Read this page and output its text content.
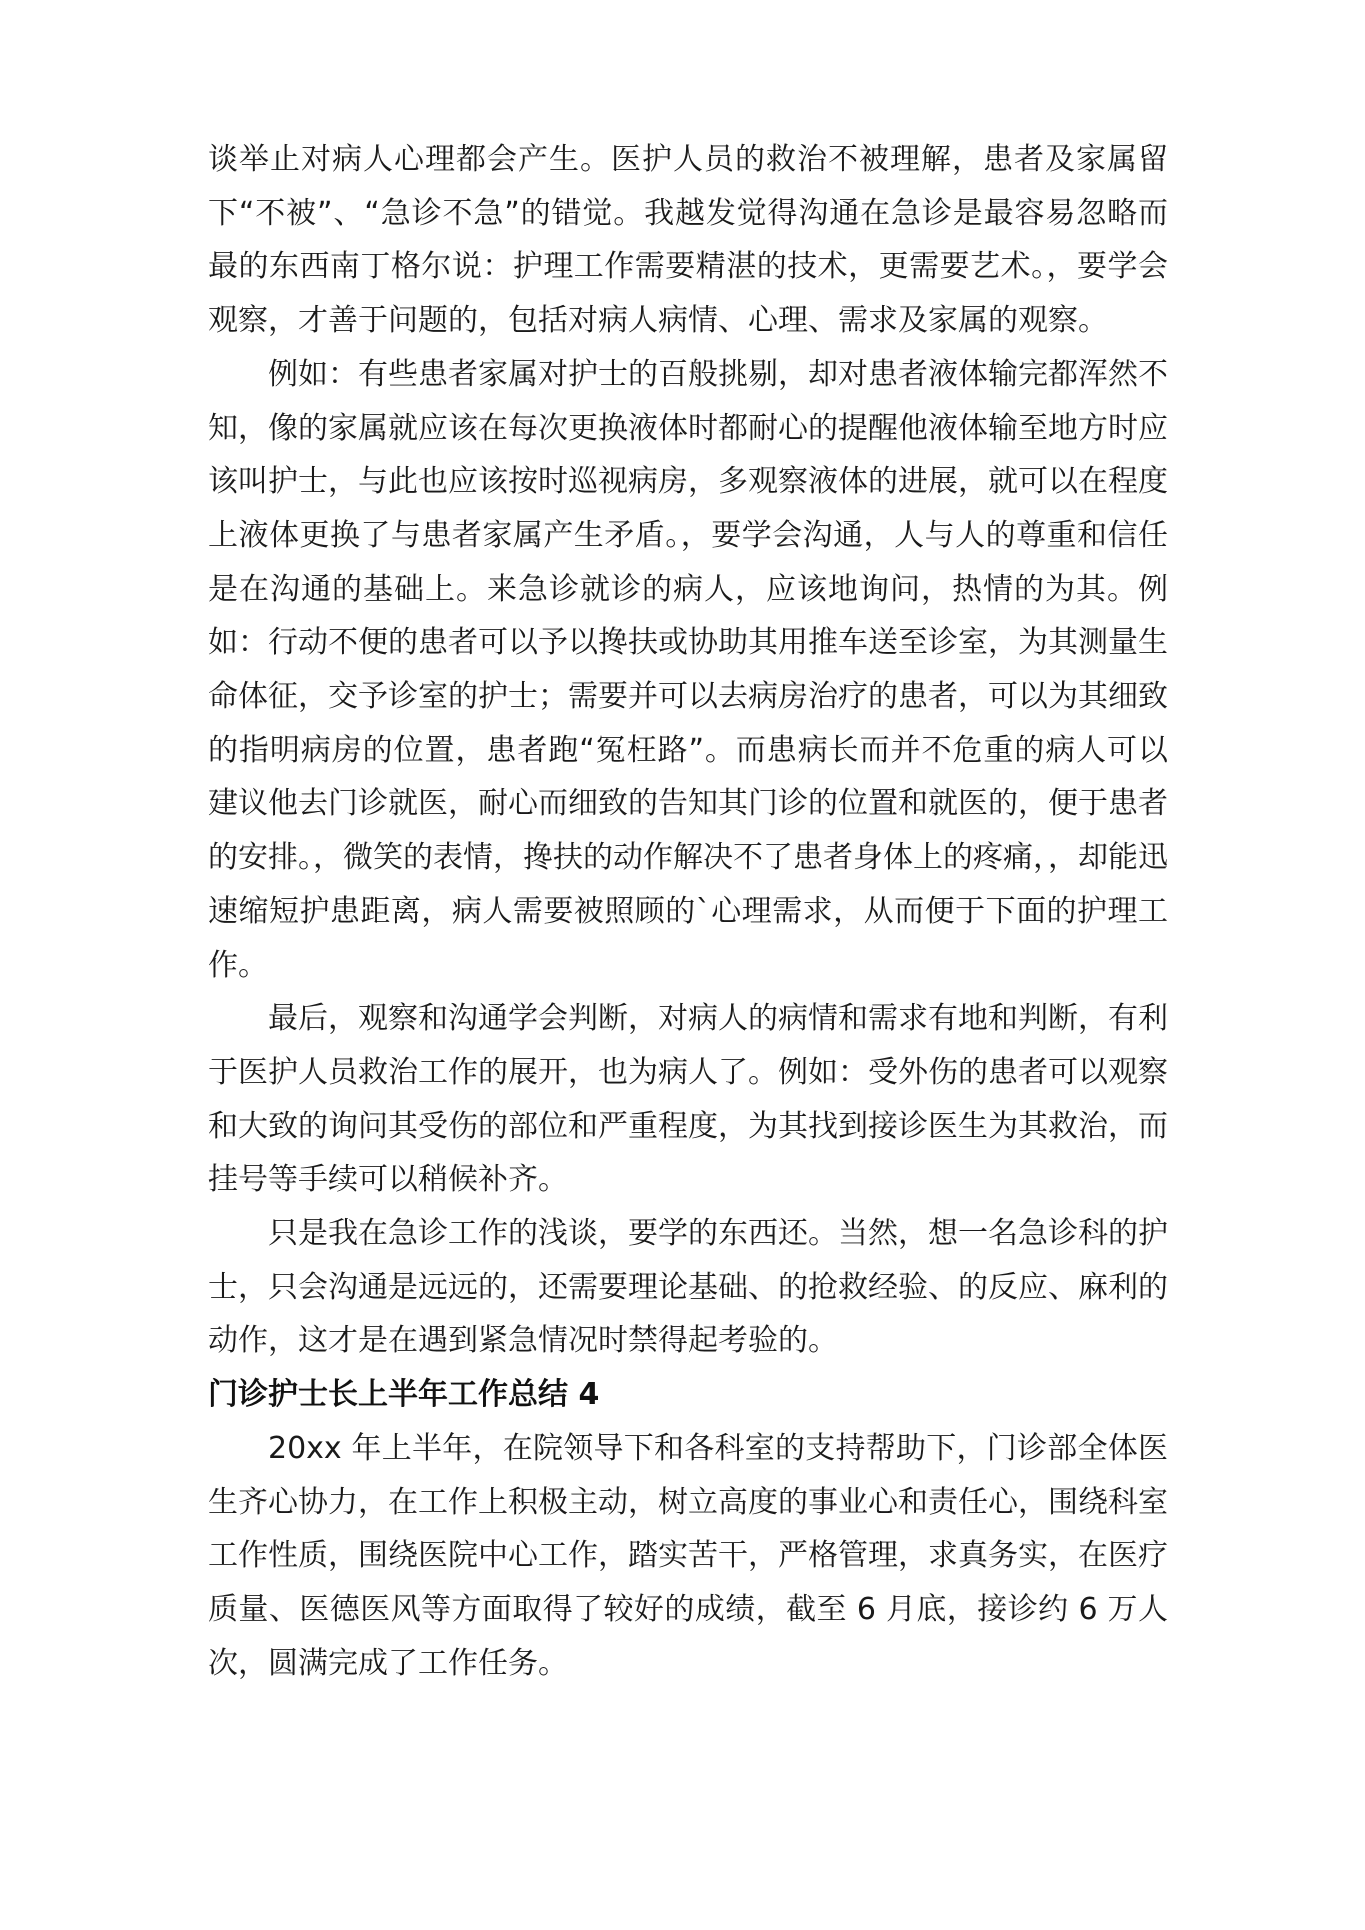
谈举止对病人心理都会产生。医护人员的救治不被理解，患者及家属留下“不被”、“急诊不急”的错觉。我越发觉得沟通在急诊是最容易忽略而最的东西南丁格尔说：护理工作需要精湛的技术，更需要艺术。，要学会观察，才善于问题的，包括对病人病情、心理、需求及家属的观察。

例如：有些患者家属对护士的百般挑剔，却对患者液体输完都浑然不知，像的家属就应该在每次更换液体时都耐心的提醒他液体输至地方时应该叫护士，与此也应该按时巡视病房，多观察液体的进展，就可以在程度上液体更换了与患者家属产生矛盾。，要学会沟通，人与人的尊重和信任是在沟通的基础上。来急诊就诊的病人，应该地询问，热情的为其。例如：行动不便的患者可以予以搀扶或协助其用推车送至诊室，为其测量生命体征，交予诊室的护士；需要并可以去病房治疗的患者，可以为其细致的指明病房的位置，患者跑“冤枉路”。而患病长而并不危重的病人可以建议他去门诊就医，耐心而细致的告知其门诊的位置和就医的，便于患者的安排。，微笑的表情，搀扶的动作解决不了患者身体上的疼痛，，却能迅速缩短护患距离，病人需要被照顾的`心理需求，从而便于下面的护理工作。

最后，观察和沟通学会判断，对病人的病情和需求有地和判断，有利于医护人员救治工作的展开，也为病人了。例如：受外伤的患者可以观察和大致的询问其受伤的部位和严重程度，为其找到接诊医生为其救治，而挂号等手续可以稍候补齐。

只是我在急诊工作的浅谈，要学的东西还。当然，想一名急诊科的护士，只会沟通是远远的，还需要理论基础、的抢救经验、的反应、麻利的动作，这才是在遇到紧急情况时禁得起考验的。

门诊护士长上半年工作总结 4

20xx 年上半年，在院领导下和各科室的支持帮助下，门诊部全体医生齐心协力，在工作上积极主动，树立高度的事业心和责任心，围绕科室工作性质，围绕医院中心工作，踏实苦干，严格管理，求真务实，在医疗质量、医德医风等方面取得了较好的成绩，截至 6 月底，接诊约 6 万人次，圆满完成了工作任务。
